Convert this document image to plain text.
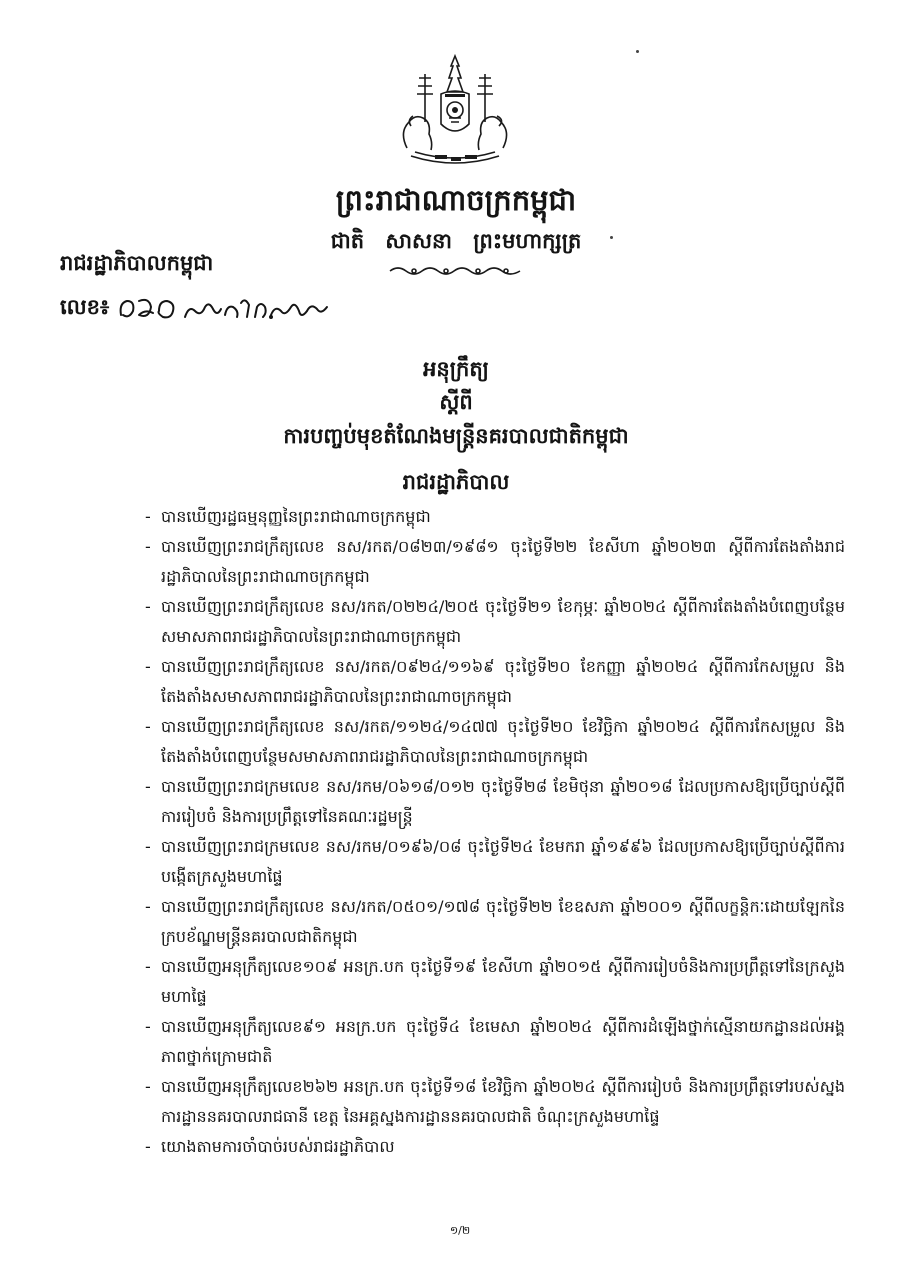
ព្រះរាជាណាចក្រកម្ពុជា
ជាតិ សាសនា ព្រះមហាក្សត្រ
រាជរដ្ឋាភិបាលកម្ពុជា
លេខ៖
អនុក្រឹត្យ
ស្តីពី
ការបញ្ចប់មុខតំណែងមន្ត្រីនគរបាលជាតិកម្ពុជា
រាជរដ្ឋាភិបាល
- បានឃើញរដ្ឋធម្មនុញ្ញនៃព្រះរាជាណាចក្រកម្ពុជា
- បានឃើញព្រះរាជក្រឹត្យលេខ នស/រកត/០៨២៣/១៩៨១ ចុះថ្ងៃទី២២ ខែសីហា ឆ្នាំ២០២៣ ស្តីពីការតែងតាំងរាជរដ្ឋាភិបាលនៃព្រះរាជាណាចក្រកម្ពុជា
- បានឃើញព្រះរាជក្រឹត្យលេខ នស/រកត/០២២៤/២០៥ ចុះថ្ងៃទី២១ ខែកុម្ភៈ ឆ្នាំ២០២៤ ស្តីពីការតែងតាំងបំពេញបន្ថែមសមាសភាពរាជរដ្ឋាភិបាលនៃព្រះរាជាណាចក្រកម្ពុជា
- បានឃើញព្រះរាជក្រឹត្យលេខ នស/រកត/០៩២៤/១១៦៩ ចុះថ្ងៃទី២០ ខែកញ្ញា ឆ្នាំ២០២៤ ស្តីពីការកែសម្រួល និងតែងតាំងសមាសភាពរាជរដ្ឋាភិបាលនៃព្រះរាជាណាចក្រកម្ពុជា
- បានឃើញព្រះរាជក្រឹត្យលេខ នស/រកត/១១២៤/១៤៧៧ ចុះថ្ងៃទី២០ ខែវិច្ឆិកា ឆ្នាំ២០២៤ ស្តីពីការកែសម្រួល និងតែងតាំងបំពេញបន្ថែមសមាសភាពរាជរដ្ឋាភិបាលនៃព្រះរាជាណាចក្រកម្ពុជា
- បានឃើញព្រះរាជក្រមលេខ នស/រកម/០៦១៨/០១២ ចុះថ្ងៃទី២៨ ខែមិថុនា ឆ្នាំ២០១៨ ដែលប្រកាសឱ្យប្រើច្បាប់ស្តីពីការរៀបចំ និងការប្រព្រឹត្តទៅនៃគណៈរដ្ឋមន្ត្រី
- បានឃើញព្រះរាជក្រមលេខ នស/រកម/០១៩៦/០៨ ចុះថ្ងៃទី២៤ ខែមករា ឆ្នាំ១៩៩៦ ដែលប្រកាសឱ្យប្រើច្បាប់ស្តីពីការបង្កើតក្រសួងមហាផ្ទៃ
- បានឃើញព្រះរាជក្រឹត្យលេខ នស/រកត/០៥០១/១៧៨ ចុះថ្ងៃទី២២ ខែឧសភា ឆ្នាំ២០០១ ស្តីពីលក្ខន្តិកៈដោយឡែកនៃក្របខ័ណ្ឌមន្ត្រីនគរបាលជាតិកម្ពុជា
- បានឃើញអនុក្រឹត្យលេខ១០៩ អនក្រ.បក ចុះថ្ងៃទី១៩ ខែសីហា ឆ្នាំ២០១៥ ស្តីពីការរៀបចំនិងការប្រព្រឹត្តទៅនៃក្រសួងមហាផ្ទៃ
- បានឃើញអនុក្រឹត្យលេខ៩១ អនក្រ.បក ចុះថ្ងៃទី៤ ខែមេសា ឆ្នាំ២០២៤ ស្តីពីការដំឡើងថ្នាក់ស្មើនាយកដ្ឋានដល់អង្គភាពថ្នាក់ក្រោមជាតិ
- បានឃើញអនុក្រឹត្យលេខ២៦២ អនក្រ.បក ចុះថ្ងៃទី១៨ ខែវិច្ឆិកា ឆ្នាំ២០២៤ ស្តីពីការរៀបចំ និងការប្រព្រឹត្តទៅរបស់ស្នងការដ្ឋាននគរបាលរាជធានី ខេត្ត នៃអគ្គស្នងការដ្ឋាននគរបាលជាតិ ចំណុះក្រសួងមហាផ្ទៃ
- យោងតាមការចាំបាច់របស់រាជរដ្ឋាភិបាល
១/២
